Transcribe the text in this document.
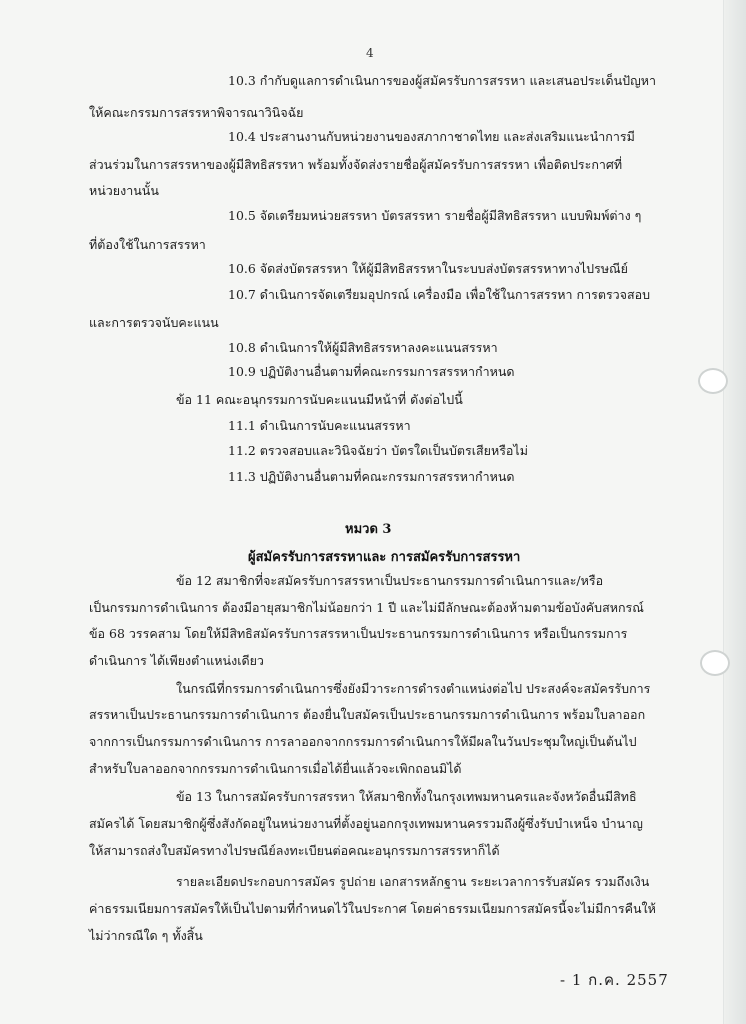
4
10.3 กำกับดูแลการดำเนินการของผู้สมัครรับการสรรหา และเสนอประเด็นปัญหา
ให้คณะกรรมการสรรหาพิจารณาวินิจฉัย
10.4 ประสานงานกับหน่วยงานของสภากาชาดไทย และส่งเสริมแนะนำการมี
ส่วนร่วมในการสรรหาของผู้มีสิทธิสรรหา พร้อมทั้งจัดส่งรายชื่อผู้สมัครรับการสรรหา เพื่อติดประกาศที่
หน่วยงานนั้น
10.5 จัดเตรียมหน่วยสรรหา บัตรสรรหา รายชื่อผู้มีสิทธิสรรหา แบบพิมพ์ต่าง ๆ
ที่ต้องใช้ในการสรรหา
10.6 จัดส่งบัตรสรรหา ให้ผู้มีสิทธิสรรหาในระบบส่งบัตรสรรหาทางไปรษณีย์
10.7 ดำเนินการจัดเตรียมอุปกรณ์ เครื่องมือ เพื่อใช้ในการสรรหา การตรวจสอบ
และการตรวจนับคะแนน
10.8 ดำเนินการให้ผู้มีสิทธิสรรหาลงคะแนนสรรหา
10.9 ปฏิบัติงานอื่นตามที่คณะกรรมการสรรหากำหนด
ข้อ 11 คณะอนุกรรมการนับคะแนนมีหน้าที่ ดังต่อไปนี้
11.1 ดำเนินการนับคะแนนสรรหา
11.2 ตรวจสอบและวินิจฉัยว่า บัตรใดเป็นบัตรเสียหรือไม่
11.3 ปฏิบัติงานอื่นตามที่คณะกรรมการสรรหากำหนด
หมวด 3
ผู้สมัครรับการสรรหาและ การสมัครรับการสรรหา
ข้อ 12 สมาชิกที่จะสมัครรับการสรรหาเป็นประธานกรรมการดำเนินการและ/หรือ
เป็นกรรมการดำเนินการ ต้องมีอายุสมาชิกไม่น้อยกว่า 1 ปี และไม่มีลักษณะต้องห้ามตามข้อบังคับสหกรณ์
ข้อ 68 วรรคสาม โดยให้มีสิทธิสมัครรับการสรรหาเป็นประธานกรรมการดำเนินการ หรือเป็นกรรมการ
ดำเนินการ ได้เพียงตำแหน่งเดียว
ในกรณีที่กรรมการดำเนินการซึ่งยังมีวาระการดำรงตำแหน่งต่อไป ประสงค์จะสมัครรับการ
สรรหาเป็นประธานกรรมการดำเนินการ ต้องยื่นใบสมัครเป็นประธานกรรมการดำเนินการ พร้อมใบลาออก
จากการเป็นกรรมการดำเนินการ การลาออกจากกรรมการดำเนินการให้มีผลในวันประชุมใหญ่เป็นต้นไป
สำหรับใบลาออกจากกรรมการดำเนินการเมื่อได้ยื่นแล้วจะเพิกถอนมิได้
ข้อ 13 ในการสมัครรับการสรรหา ให้สมาชิกทั้งในกรุงเทพมหานครและจังหวัดอื่นมีสิทธิ
สมัครได้ โดยสมาชิกผู้ซึ่งสังกัดอยู่ในหน่วยงานที่ตั้งอยู่นอกกรุงเทพมหานครรวมถึงผู้ซึ่งรับบำเหน็จ บำนาญ
ให้สามารถส่งใบสมัครทางไปรษณีย์ลงทะเบียนต่อคณะอนุกรรมการสรรหาก็ได้
รายละเอียดประกอบการสมัคร รูปถ่าย เอกสารหลักฐาน ระยะเวลาการรับสมัคร รวมถึงเงิน
ค่าธรรมเนียมการสมัครให้เป็นไปตามที่กำหนดไว้ในประกาศ โดยค่าธรรมเนียมการสมัครนี้จะไม่มีการคืนให้
ไม่ว่ากรณีใด ๆ ทั้งสิ้น
- 1 ก.ค. 2557
